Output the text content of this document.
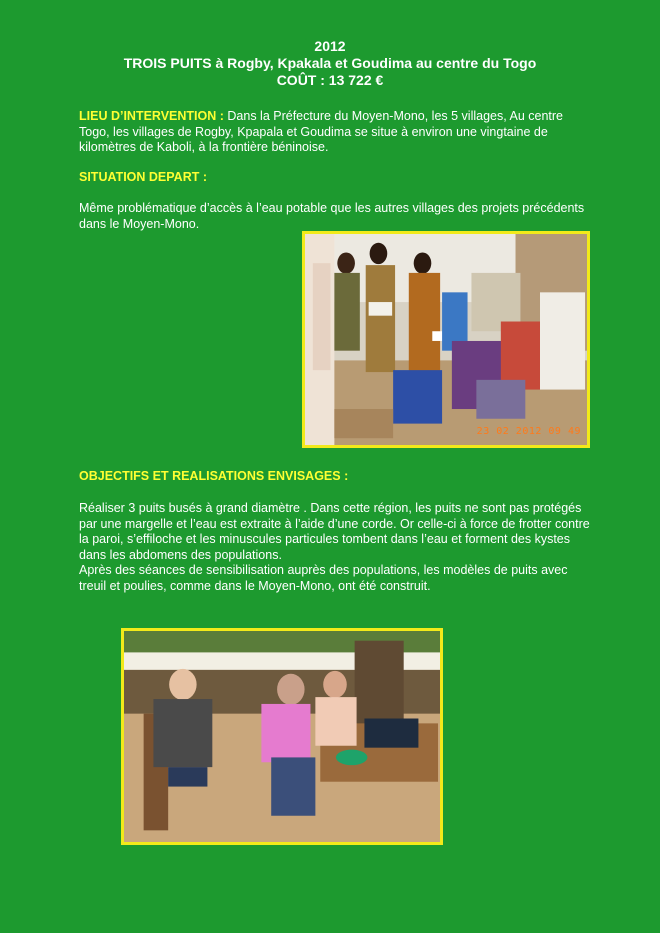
2012
TROIS PUITS à Rogby, Kpakala et Goudima au centre du Togo
COÛT : 13 722 €
LIEU D’INTERVENTION : Dans la Préfecture du Moyen-Mono, les 5 villages, Au centre Togo, les villages de Rogby, Kpapala et Goudima se situe à environ une vingtaine de kilomètres de Kaboli, à la frontière béninoise.
SITUATION DEPART :
Même problématique d’accès à l’eau potable que les autres villages des projets précédents dans le Moyen-Mono.
23 02 2012 09 49
OBJECTIFS ET REALISATIONS ENVISAGES :
Réaliser 3 puits busés à grand diamètre . Dans cette région, les puits ne sont pas protégés par une margelle et l’eau est extraite à l’aide d’une corde. Or celle-ci à force de frotter contre la paroi, s’effiloche et les minuscules particules tombent dans l’eau et forment des kystes dans les abdomens des populations.
Après des séances de sensibilisation auprès des populations, les modèles de puits avec treuil et poulies, comme dans le Moyen-Mono, ont été construit.
